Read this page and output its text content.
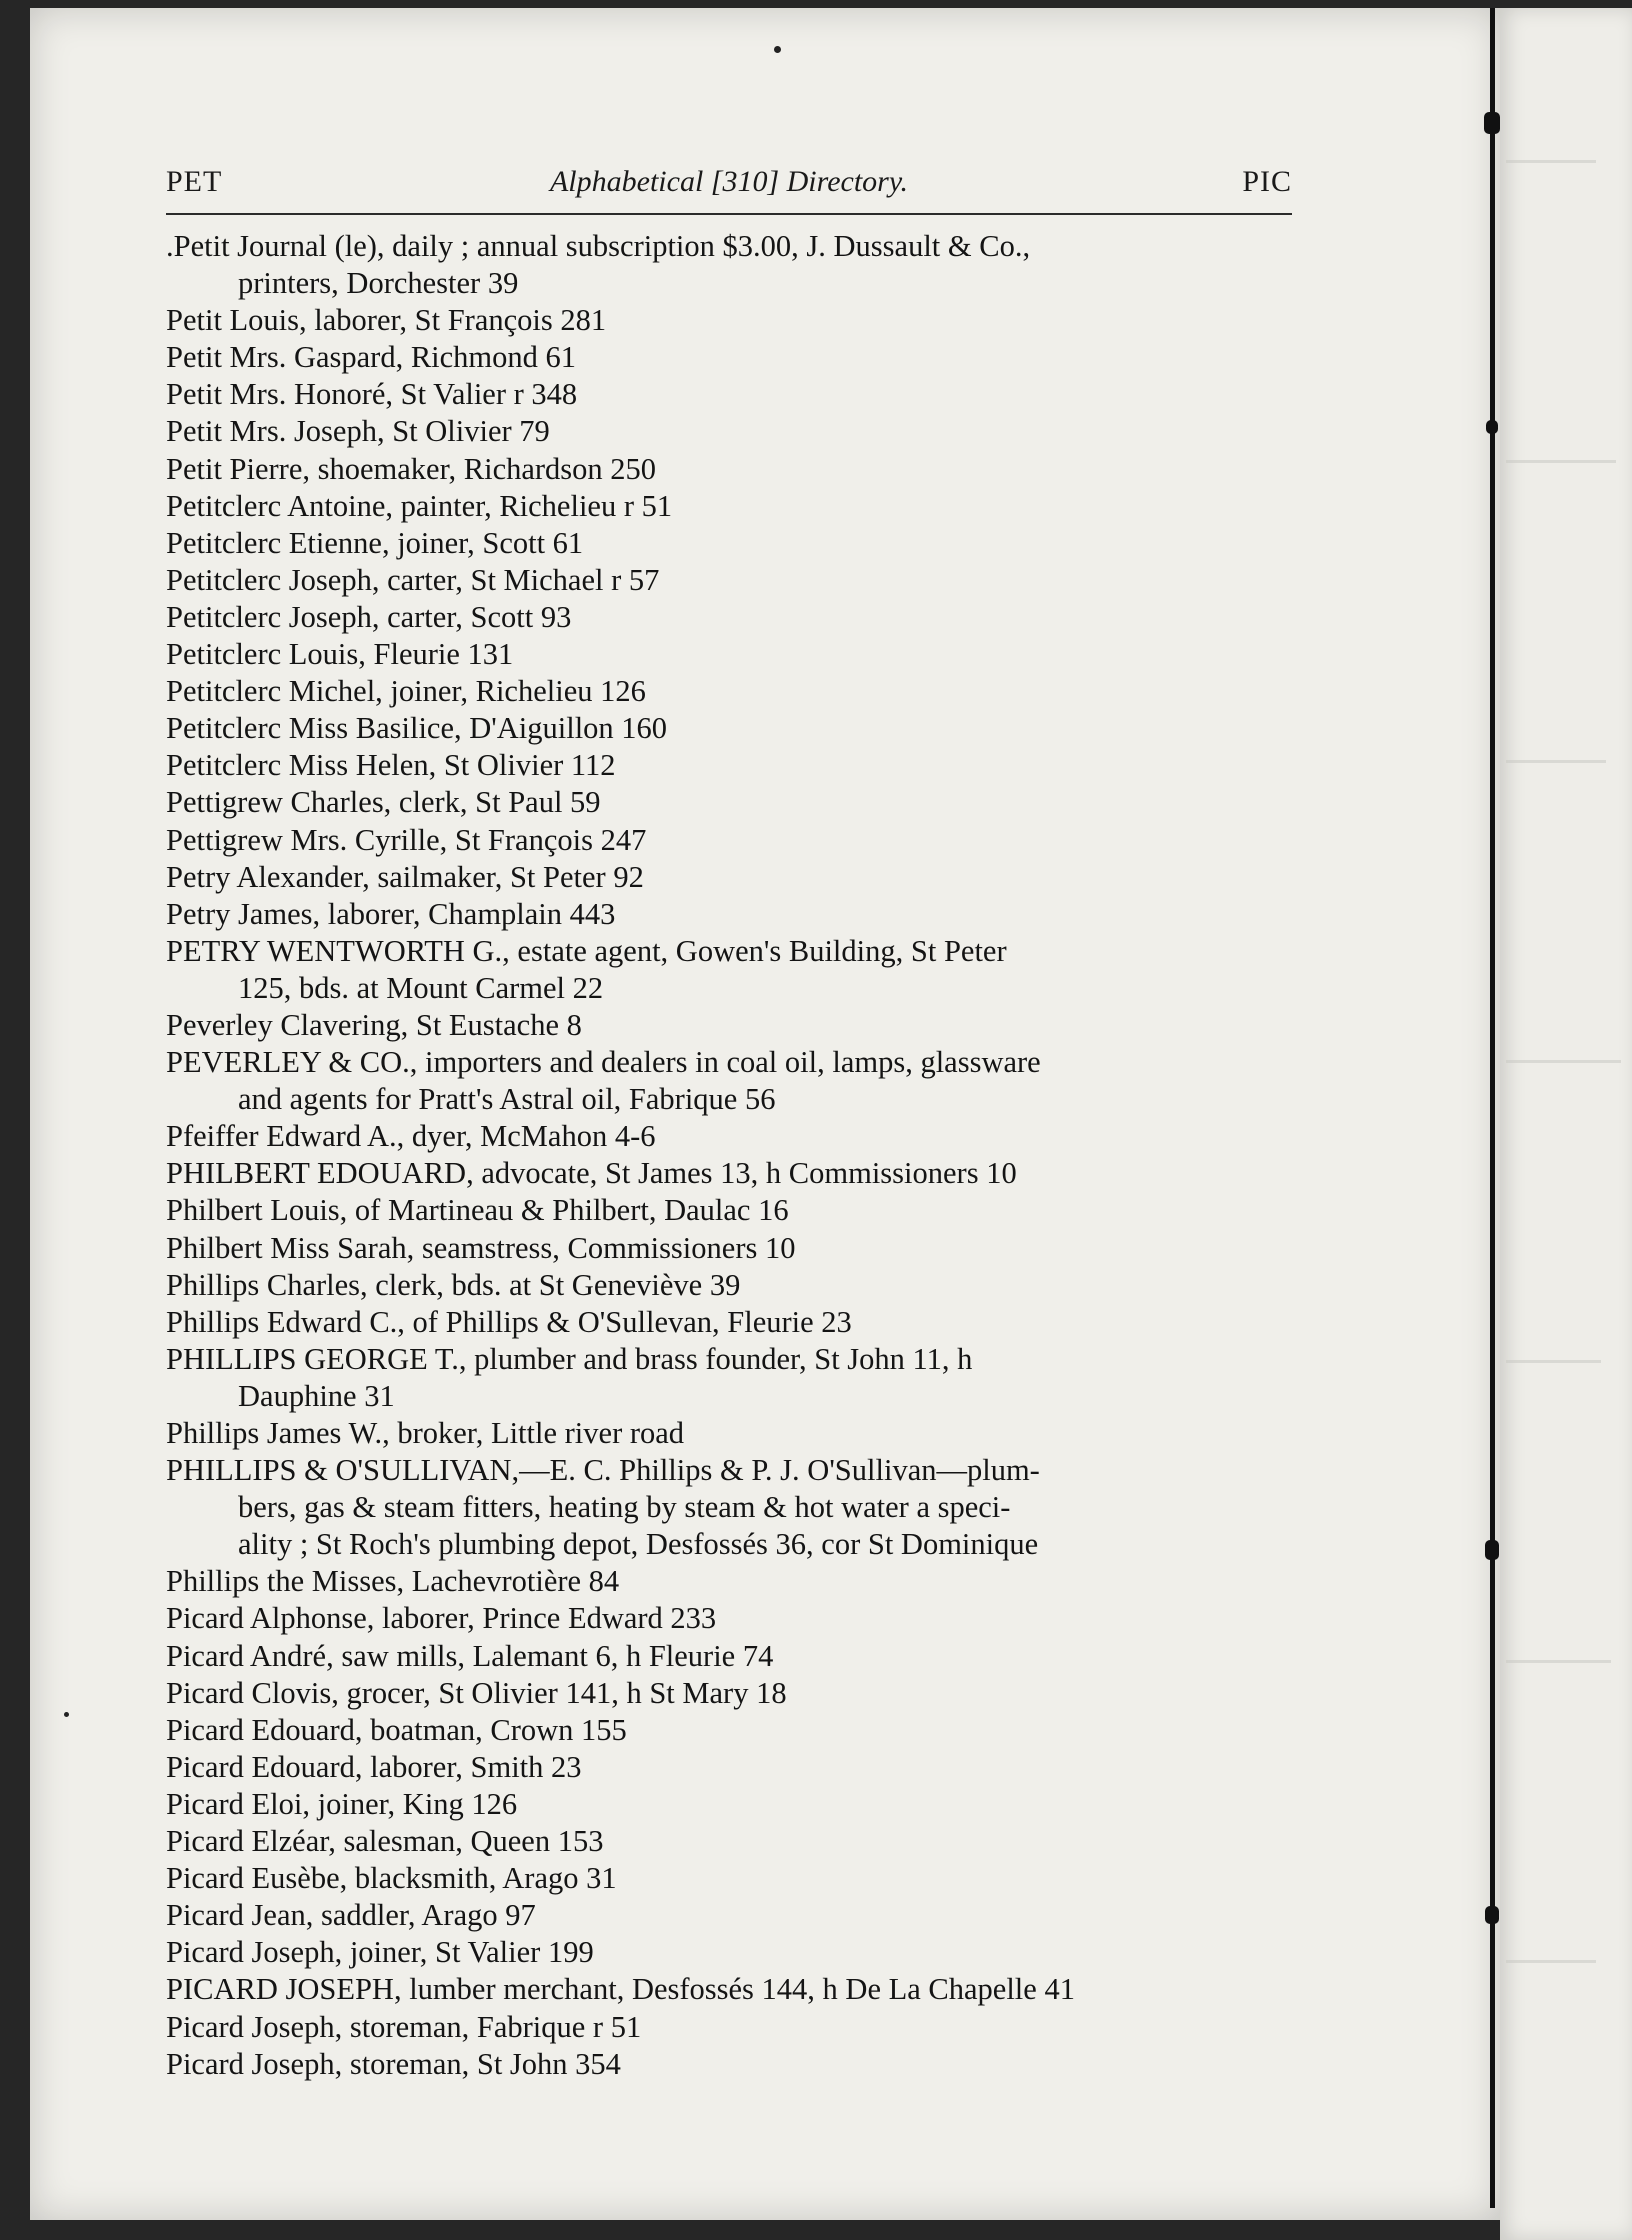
PET	Alphabetical [310] Directory.	PIC
.Petit Journal (le), daily ; annual subscription $3.00, J. Dussault & Co.,
printers, Dorchester 39
Petit Louis, laborer, St François 281
Petit Mrs. Gaspard, Richmond 61
Petit Mrs. Honoré, St Valier r 348
Petit Mrs. Joseph, St Olivier 79
Petit Pierre, shoemaker, Richardson 250
Petitclerc Antoine, painter, Richelieu r 51
Petitclerc Etienne, joiner, Scott 61
Petitclerc Joseph, carter, St Michael r 57
Petitclerc Joseph, carter, Scott 93
Petitclerc Louis, Fleurie 131
Petitclerc Michel, joiner, Richelieu 126
Petitclerc Miss Basilice, D'Aiguillon 160
Petitclerc Miss Helen, St Olivier 112
Pettigrew Charles, clerk, St Paul 59
Pettigrew Mrs. Cyrille, St François 247
Petry Alexander, sailmaker, St Peter 92
Petry James, laborer, Champlain 443
PETRY WENTWORTH G., estate agent, Gowen's Building, St Peter
125, bds. at Mount Carmel 22
Peverley Clavering, St Eustache 8
PEVERLEY & CO., importers and dealers in coal oil, lamps, glassware
and agents for Pratt's Astral oil, Fabrique 56
Pfeiffer Edward A., dyer, McMahon 4-6
PHILBERT EDOUARD, advocate, St James 13, h Commissioners 10
Philbert Louis, of Martineau & Philbert, Daulac 16
Philbert Miss Sarah, seamstress, Commissioners 10
Phillips Charles, clerk, bds. at St Geneviève 39
Phillips Edward C., of Phillips & O'Sullevan, Fleurie 23
PHILLIPS GEORGE T., plumber and brass founder, St John 11, h
Dauphine 31
Phillips James W., broker, Little river road
PHILLIPS & O'SULLIVAN,—E. C. Phillips & P. J. O'Sullivan—plum-
bers, gas & steam fitters, heating by steam & hot water a speci-
ality ; St Roch's plumbing depot, Desfossés 36, cor St Dominique
Phillips the Misses, Lachevrotière 84
Picard Alphonse, laborer, Prince Edward 233
Picard André, saw mills, Lalemant 6, h Fleurie 74
Picard Clovis, grocer, St Olivier 141, h St Mary 18
Picard Edouard, boatman, Crown 155
Picard Edouard, laborer, Smith 23
Picard Eloi, joiner, King 126
Picard Elzéar, salesman, Queen 153
Picard Eusèbe, blacksmith, Arago 31
Picard Jean, saddler, Arago 97
Picard Joseph, joiner, St Valier 199
PICARD JOSEPH, lumber merchant, Desfossés 144, h De La Chapelle 41
Picard Joseph, storeman, Fabrique r 51
Picard Joseph, storeman, St John 354
